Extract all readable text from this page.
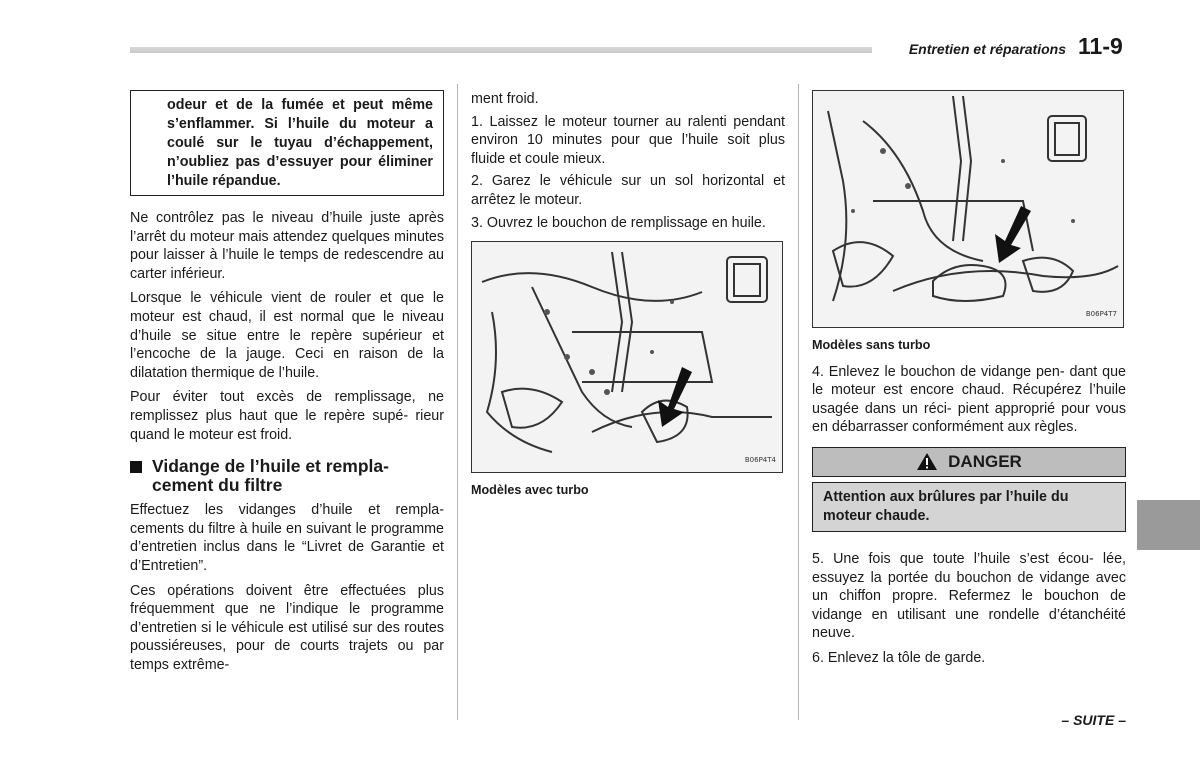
Entretien et réparations 11-9
odeur et de la fumée et peut même s’enflammer. Si l’huile du moteur a coulé sur le tuyau d’échappement, n’oubliez pas d’essuyer pour éliminer l’huile répandue.

Ne contrôlez pas le niveau d’huile juste après l’arrêt du moteur mais attendez quelques minutes pour laisser à l’huile le temps de redescendre au carter inférieur.

Lorsque le véhicule vient de rouler et que le moteur est chaud, il est normal que le niveau d’huile se situe entre le repère supérieur et l’encoche de la jauge. Ceci en raison de la dilatation thermique de l’huile.

Pour éviter tout excès de remplissage, ne remplissez plus haut que le repère supé- rieur quand le moteur est froid.

Vidange de l’huile et rempla- cement du filtre

Effectuez les vidanges d’huile et rempla- cements du filtre à huile en suivant le programme d’entretien inclus dans le “Livret de Garantie et d’Entretien”.

Ces opérations doivent être effectuées plus fréquemment que ne l’indique le programme d’entretien si le véhicule est utilisé sur des routes poussiéreuses, pour de courts trajets ou par temps extrême-

ment froid.

1. Laissez le moteur tourner au ralenti pendant environ 10 minutes pour que l’huile soit plus fluide et coule mieux.

2. Garez le véhicule sur un sol horizontal et arrêtez le moteur.

3. Ouvrez le bouchon de remplissage en huile.

B06P4T4
Modèles avec turbo
B06P4T7
Modèles sans turbo

4. Enlevez le bouchon de vidange pen- dant que le moteur est encore chaud. Récupérez l’huile usagée dans un réci- pient approprié pour vous en débarrasser conformément aux règles.

DANGER
Attention aux brûlures par l’huile du moteur chaude.

5. Une fois que toute l’huile s’est écou- lée, essuyez la portée du bouchon de vidange avec un chiffon propre. Refermez le bouchon de vidange en utilisant une rondelle d’étanchéité neuve.

6. Enlevez la tôle de garde.

– SUITE –
